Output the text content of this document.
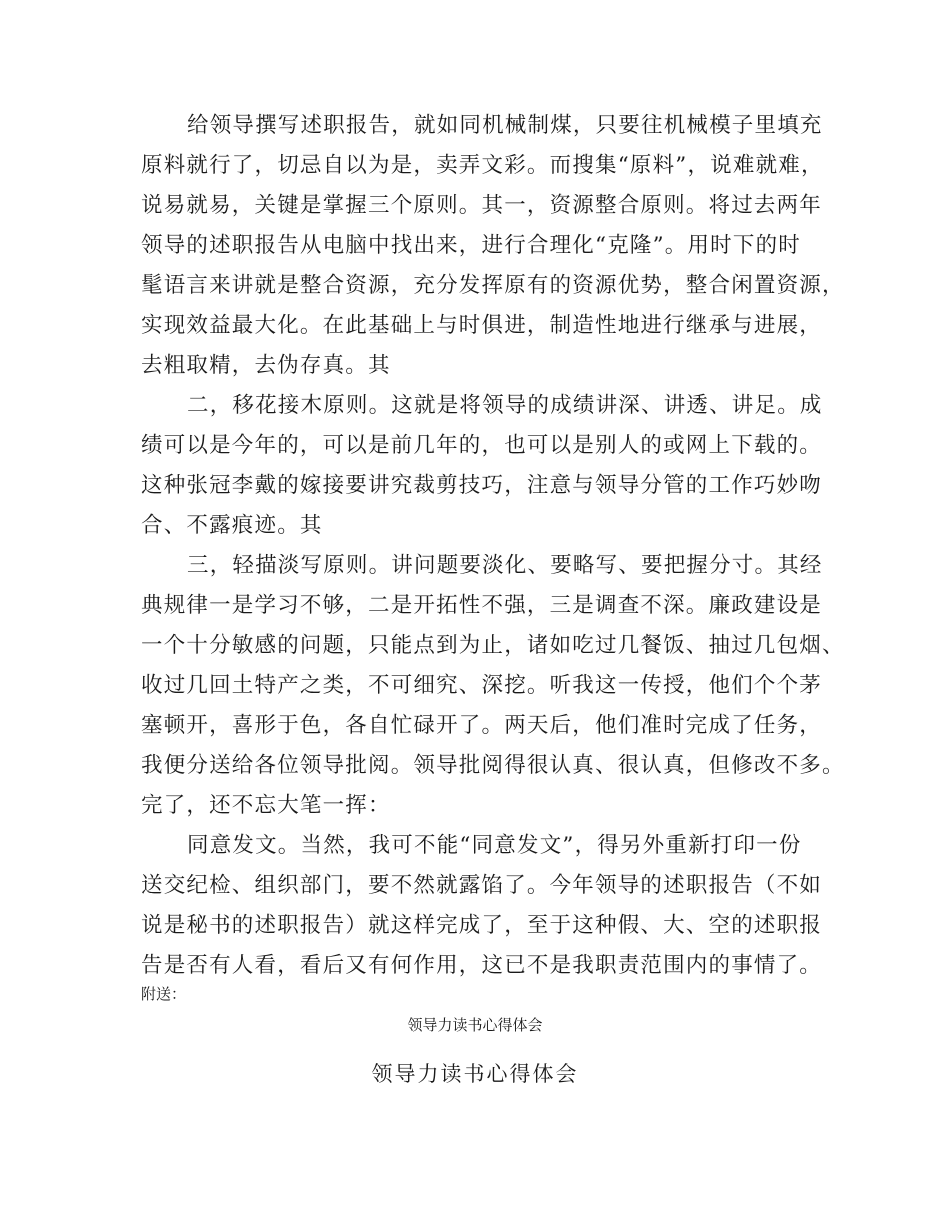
给领导撰写述职报告，就如同机械制煤，只要往机械模子里填充
原料就行了，切忌自以为是，卖弄文彩。而搜集“原料”，说难就难，
说易就易，关键是掌握三个原则。其一，资源整合原则。将过去两年
领导的述职报告从电脑中找出来，进行合理化“克隆”。用时下的时
髦语言来讲就是整合资源，充分发挥原有的资源优势，整合闲置资源，
实现效益最大化。在此基础上与时俱进，制造性地进行继承与进展，
去粗取精，去伪存真。其

二，移花接木原则。这就是将领导的成绩讲深、讲透、讲足。成
绩可以是今年的，可以是前几年的，也可以是别人的或网上下载的。
这种张冠李戴的嫁接要讲究裁剪技巧，注意与领导分管的工作巧妙吻
合、不露痕迹。其

三，轻描淡写原则。讲问题要淡化、要略写、要把握分寸。其经
典规律一是学习不够，二是开拓性不强，三是调查不深。廉政建设是
一个十分敏感的问题，只能点到为止，诸如吃过几餐饭、抽过几包烟、
收过几回土特产之类，不可细究、深挖。听我这一传授，他们个个茅
塞顿开，喜形于色，各自忙碌开了。两天后，他们准时完成了任务，
我便分送给各位领导批阅。领导批阅得很认真、很认真，但修改不多。
完了，还不忘大笔一挥：

同意发文。当然，我可不能“同意发文”，得另外重新打印一份
送交纪检、组织部门，要不然就露馅了。今年领导的述职报告（不如
说是秘书的述职报告）就这样完成了，至于这种假、大、空的述职报
告是否有人看，看后又有何作用，这已不是我职责范围内的事情了。

附送：
领导力读书心得体会
领导力读书心得体会
